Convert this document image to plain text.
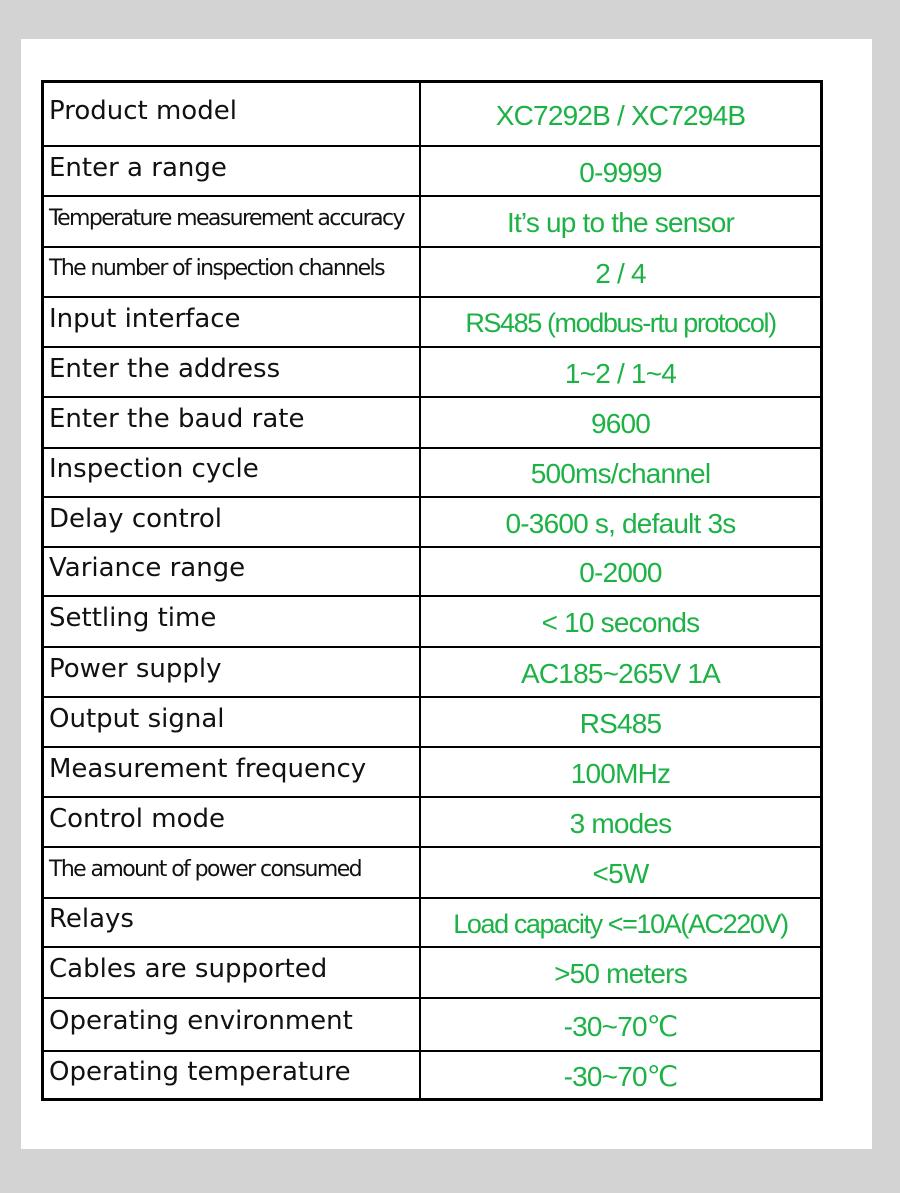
Product model	XC7292B / XC7294B
Enter a range	0-9999
Temperature measurement accuracy	It’s up to the sensor
The number of inspection channels	2 / 4
Input interface	RS485 (modbus-rtu protocol)
Enter the address	1~2 / 1~4
Enter the baud rate	9600
Inspection cycle	500ms/channel
Delay control	0-3600 s, default 3s
Variance range	0-2000
Settling time	< 10 seconds
Power supply	AC185~265V 1A
Output signal	RS485
Measurement frequency	100MHz
Control mode	3 modes
The amount of power consumed	<5W
Relays	Load capacity <=10A(AC220V)
Cables are supported	>50 meters
Operating environment	-30~70℃
Operating temperature	-30~70℃
